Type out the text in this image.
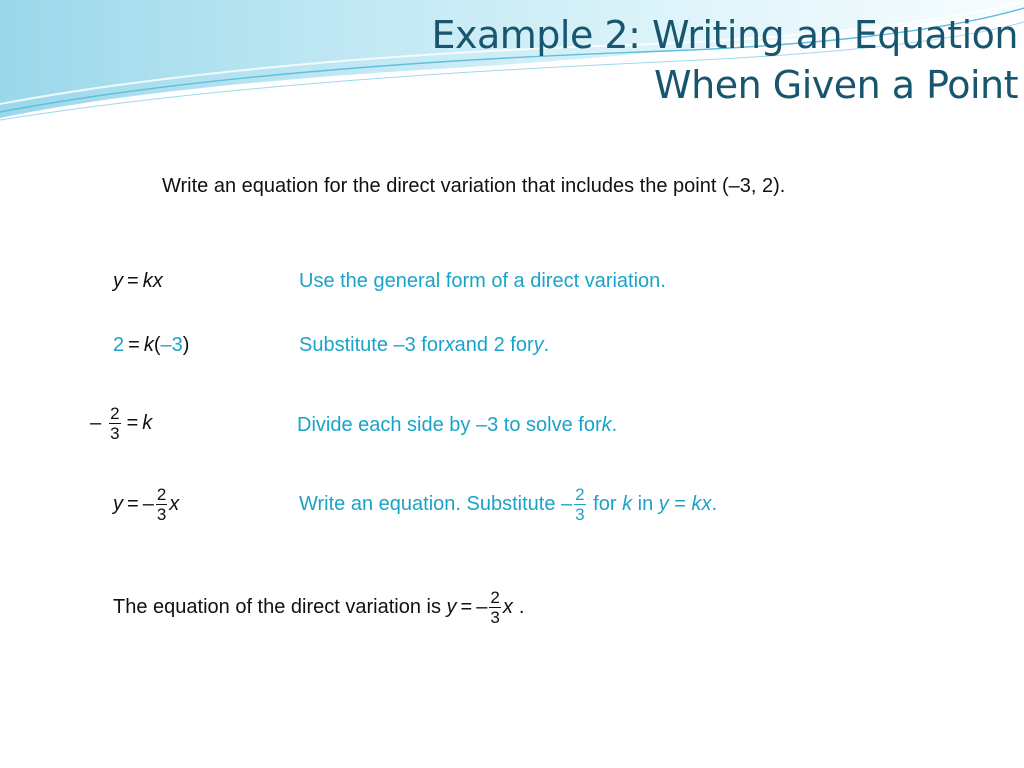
Example 2: Writing an Equation
When Given a Point
Write an equation for the direct variation that includes the point (–3, 2).
y = kx	Use the general form of a direct variation.
2 = k ( –3 )	Substitute –3 for x and 2 for y .
– $\frac{2}{3} = k$	Divide each side by –3 to solve for k .
y = – $\frac{2}{3}$ x	Write an equation. Substitute – $\frac{2}{3}$ for k in y = kx .
The equation of the direct variation is y = – $\frac{2}{3}$ x .
